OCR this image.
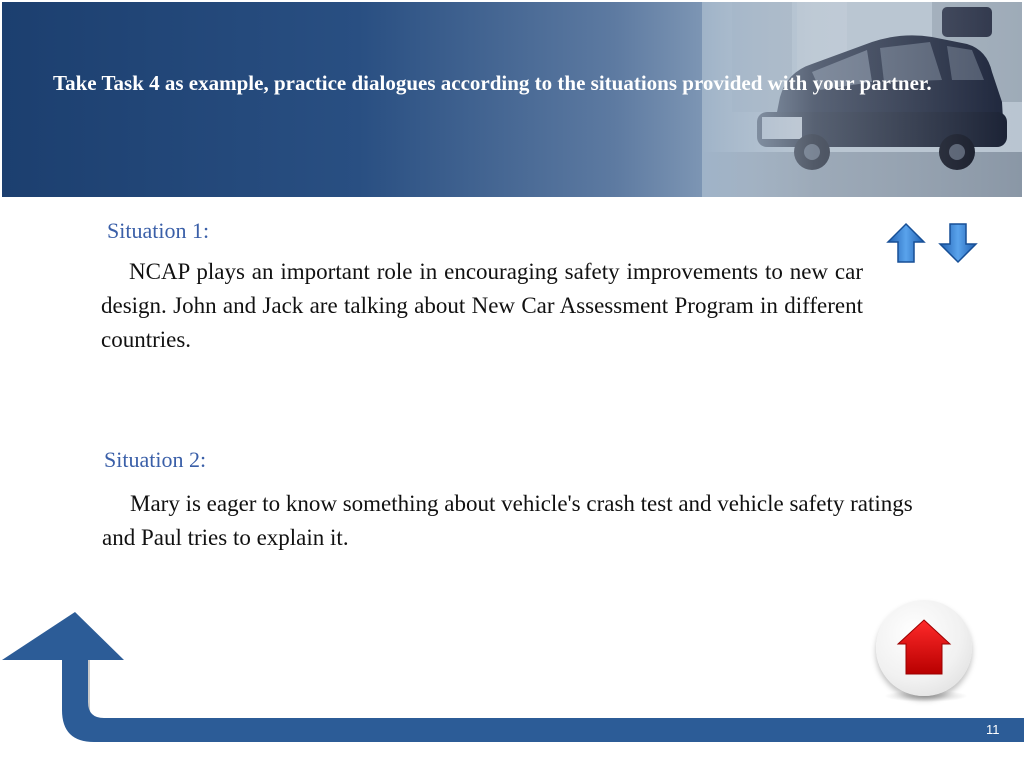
Take Task 4 as example, practice dialogues according to the situations provided with your partner.

Situation 1:

NCAP plays an important role in encouraging safety improvements to new car design. John and Jack are talking about New Car Assessment Program in different countries.

Situation 2:

Mary is eager to know something about vehicle's crash test and vehicle safety ratings and Paul tries to explain it.

11
